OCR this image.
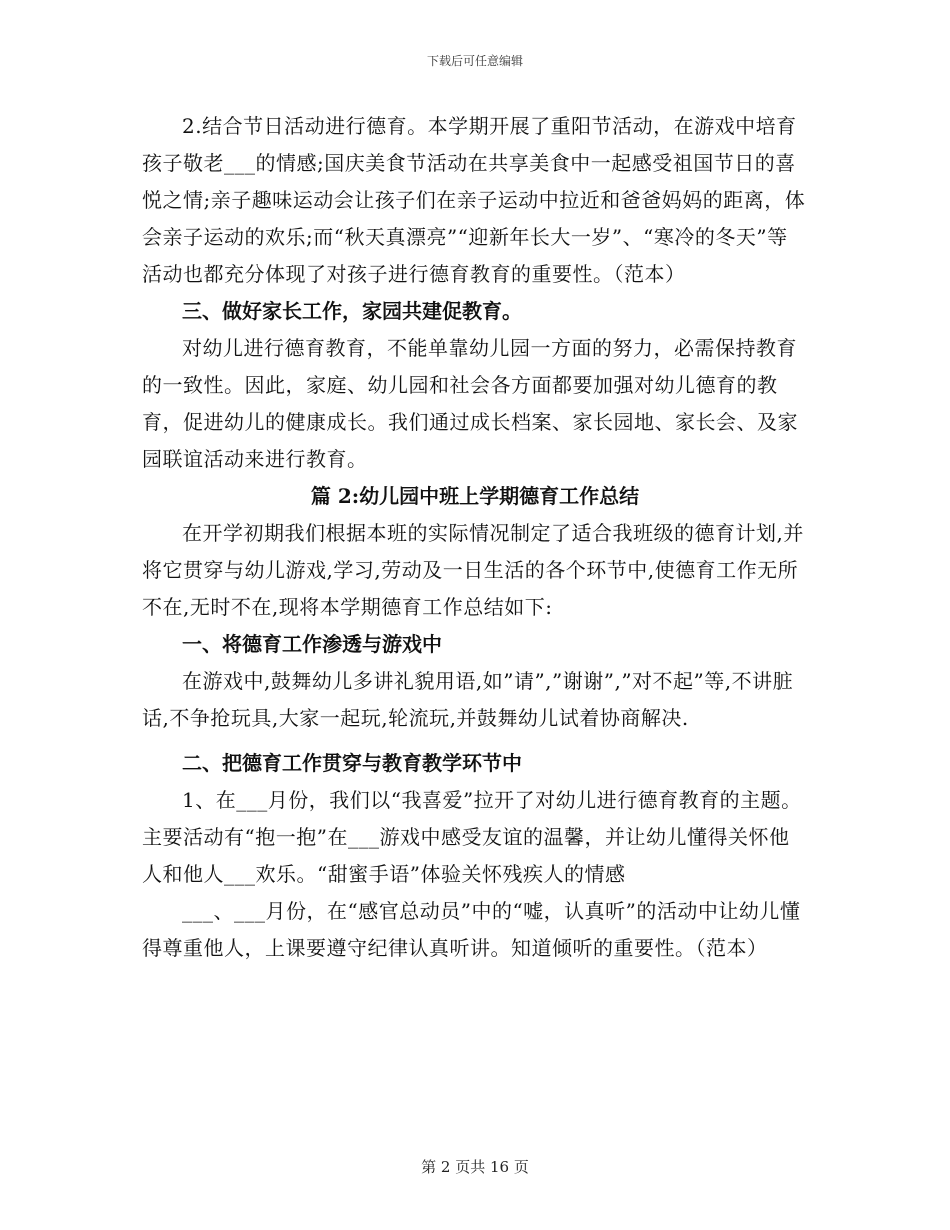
下载后可任意编辑

2.结合节日活动进行德育。本学期开展了重阳节活动，在游戏中培育孩子敬老___的情感;国庆美食节活动在共享美食中一起感受祖国节日的喜悦之情;亲子趣味运动会让孩子们在亲子运动中拉近和爸爸妈妈的距离，体会亲子运动的欢乐;而“秋天真漂亮”“迎新年长大一岁”、“寒冷的冬天”等活动也都充分体现了对孩子进行德育教育的重要性。（范本）

三、做好家长工作，家园共建促教育。

对幼儿进行德育教育，不能单靠幼儿园一方面的努力，必需保持教育的一致性。因此，家庭、幼儿园和社会各方面都要加强对幼儿德育的教育，促进幼儿的健康成长。我们通过成长档案、家长园地、家长会、及家园联谊活动来进行教育。

篇 2:幼儿园中班上学期德育工作总结

在开学初期我们根据本班的实际情况制定了适合我班级的德育计划,并将它贯穿与幼儿游戏,学习,劳动及一日生活的各个环节中,使德育工作无所不在,无时不在,现将本学期德育工作总结如下:

一、将德育工作渗透与游戏中

在游戏中,鼓舞幼儿多讲礼貌用语,如”请”,”谢谢”,”对不起”等,不讲脏话,不争抢玩具,大家一起玩,轮流玩,并鼓舞幼儿试着协商解决.

二、把德育工作贯穿与教育教学环节中

1、在___月份，我们以“我喜爱”拉开了对幼儿进行德育教育的主题。主要活动有“抱一抱”在___游戏中感受友谊的温馨，并让幼儿懂得关怀他人和他人___欢乐。“甜蜜手语”体验关怀残疾人的情感

___、___月份，在“感官总动员”中的“嘘，认真听”的活动中让幼儿懂得尊重他人，上课要遵守纪律认真听讲。知道倾听的重要性。（范本）

第 2 页共 16 页
